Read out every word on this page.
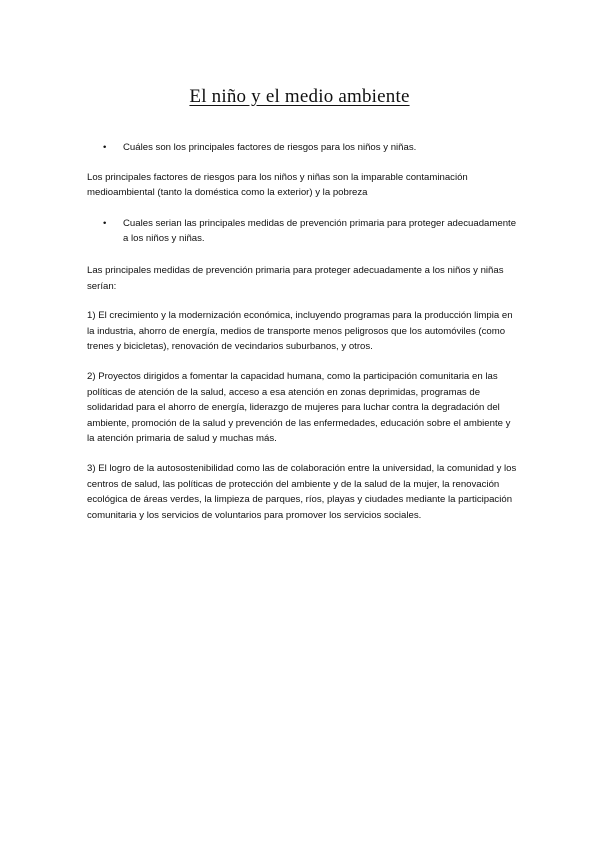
El niño y el medio ambiente
•	Cuáles son los principales factores de riesgos para los niños y niñas.

Los principales factores de riesgos para los niños y niñas son la imparable contaminación medioambiental (tanto la doméstica como la exterior) y la pobreza

•	Cuales serian las principales medidas de prevención primaria para proteger adecuadamente a los niños y niñas.

Las principales medidas de prevención primaria para proteger adecuadamente a los niños y niñas serían:

1) El crecimiento y la modernización económica, incluyendo programas para la producción limpia en la industria, ahorro de energía, medios de transporte menos peligrosos que los automóviles (como trenes y bicicletas), renovación de vecindarios suburbanos, y otros.

2) Proyectos dirigidos a fomentar la capacidad humana, como la participación comunitaria en las políticas de atención de la salud, acceso a esa atención en zonas deprimidas, programas de solidaridad para el ahorro de energía, liderazgo de mujeres para luchar contra la degradación del ambiente, promoción de la salud y prevención de las enfermedades, educación sobre el ambiente y la atención primaria de salud y muchas más.

3) El logro de la autosostenibilidad como las de colaboración entre la universidad, la comunidad y los centros de salud, las políticas de protección del ambiente y de la salud de la mujer, la renovación ecológica de áreas verdes, la limpieza de parques, ríos, playas y ciudades mediante la participación comunitaria y los servicios de voluntarios para promover los servicios sociales.
